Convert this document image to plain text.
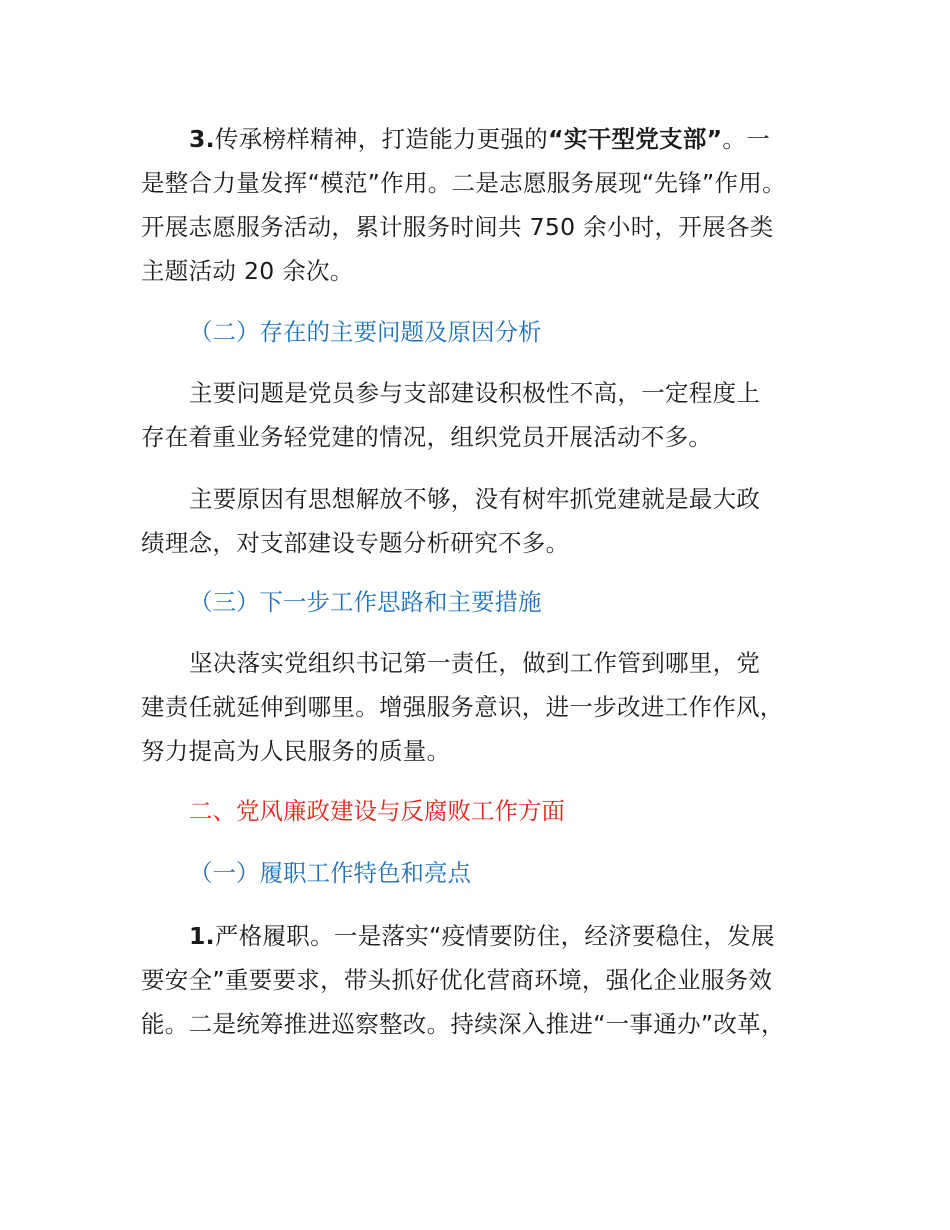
3.传承榜样精神，打造能力更强的“实干型党支部”。一
是整合力量发挥“模范”作用。二是志愿服务展现“先锋”作用。
开展志愿服务活动，累计服务时间共 750 余小时，开展各类
主题活动 20 余次。

（二）存在的主要问题及原因分析

主要问题是党员参与支部建设积极性不高，一定程度上
存在着重业务轻党建的情况，组织党员开展活动不多。

主要原因有思想解放不够，没有树牢抓党建就是最大政
绩理念，对支部建设专题分析研究不多。

（三）下一步工作思路和主要措施

坚决落实党组织书记第一责任，做到工作管到哪里，党
建责任就延伸到哪里。增强服务意识，进一步改进工作作风，
努力提高为人民服务的质量。

二、党风廉政建设与反腐败工作方面

（一）履职工作特色和亮点

1.严格履职。一是落实“疫情要防住，经济要稳住，发展
要安全”重要要求，带头抓好优化营商环境，强化企业服务效
能。二是统筹推进巡察整改。持续深入推进“一事通办”改革，
